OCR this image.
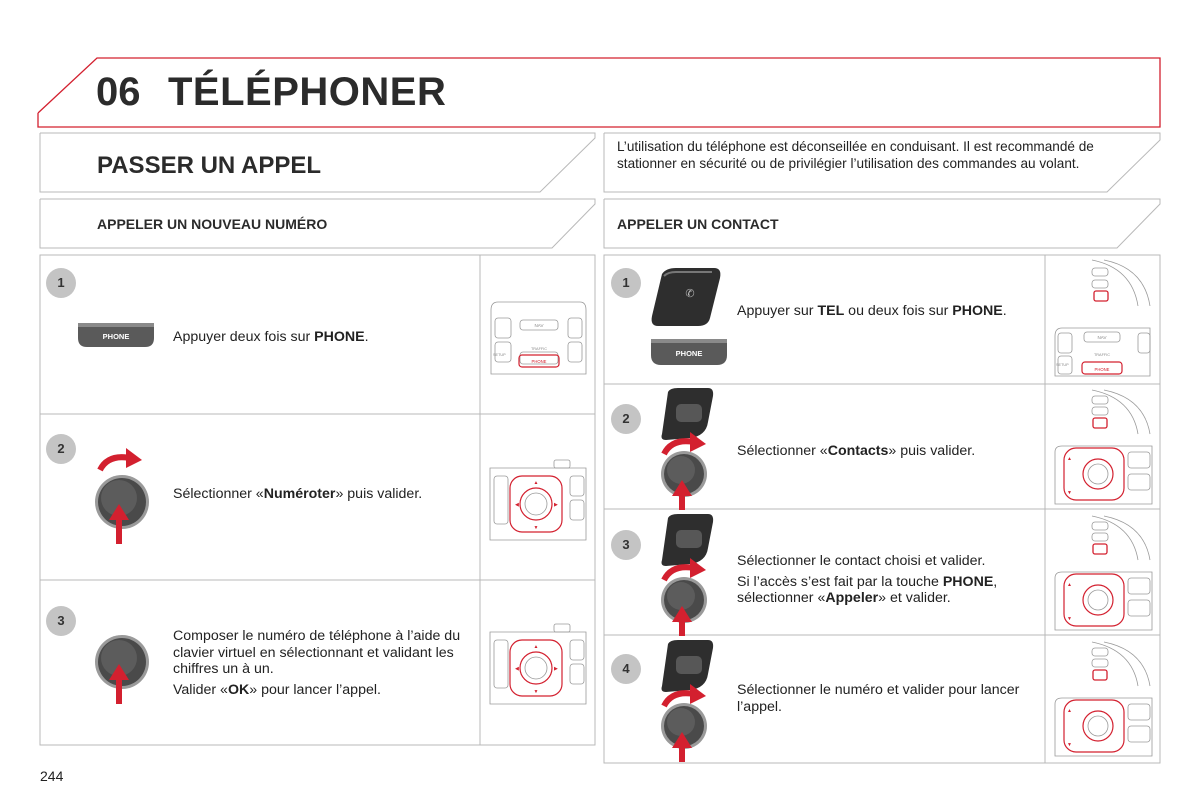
06 TÉLÉPHONER
PASSER UN APPEL
L’utilisation du téléphone est déconseillée en conduisant. Il est recommandé de stationner en sécurité ou de privilégier l’utilisation des commandes au volant.
APPELER UN NOUVEAU NUMÉRO	APPELER UN CONTACT
1
PHONE	Appuyer deux fois sur PHONE.

2

Sélectionner «Numéroter» puis valider.

3

Composer le numéro de téléphone à l’aide du clavier virtuel en sélectionnant et validant les chiffres un à un.

Valider «OK» pour lancer l’appel.

NAV
SETUP
TRAFFIC
PHONE
▲
▼
◀	▶
▲
▼
◀	▶
1
✆
PHONE

Appuyer sur TEL ou deux fois sur PHONE.

2

Sélectionner «Contacts» puis valider.

3

Sélectionner le contact choisi et valider.

Si l’accès s’est fait par la touche PHONE, sélectionner «Appeler» et valider.

4

Sélectionner le numéro et valider pour lancer l’appel.

NAV
SETUP
TRAFFIC
PHONE
▲
▼
▲
▼
▲
▼
244
